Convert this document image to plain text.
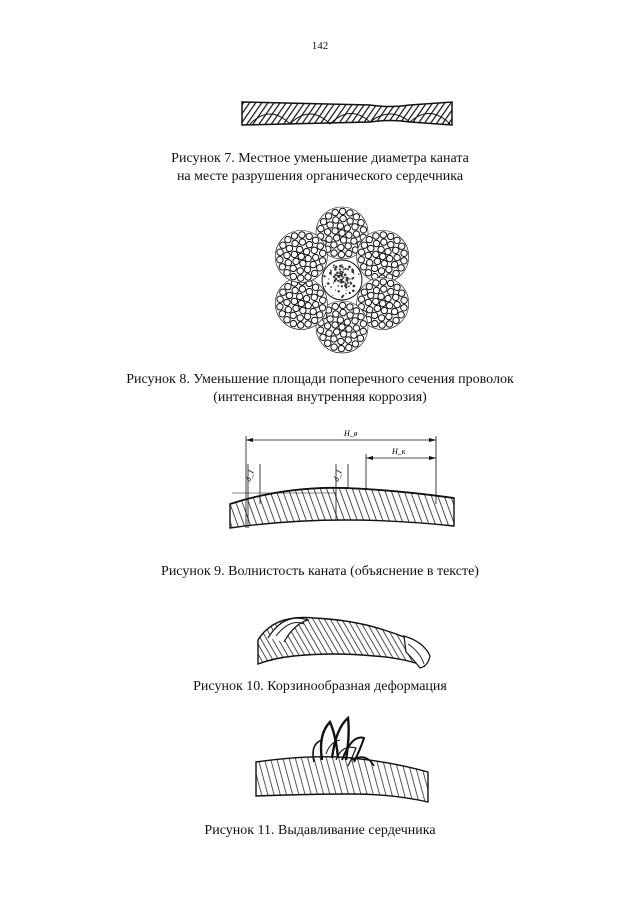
142
Рисунок 7. Местное уменьшение диаметра каната
на месте разрушения органического сердечника
Рисунок 8. Уменьшение площади поперечного сечения проволок
(интенсивная внутренняя коррозия)
H_в
H_к
d_1	d_1
Рисунок 9. Волнистость каната (объяснение в тексте)
Рисунок 10. Корзинообразная деформация
Рисунок 11. Выдавливание сердечника
